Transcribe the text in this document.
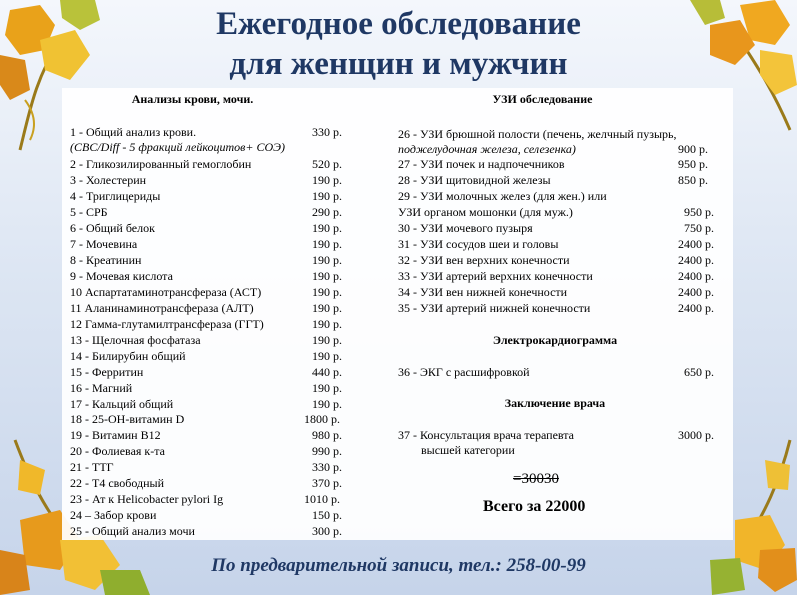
Ежегодное обследование
для женщин и мужчин
Анализы крови, мочи.	УЗИ обследование
1 - Общий анализ крови.	330 р.
(CBC/Diff - 5 фракций лейкоцитов+ СОЭ)
2 - Гликозилированный гемоглобин	520 р.
3 - Холестерин	190 р.
4 - Триглицериды	190 р.
5 - СРБ	290 р.
6 - Общий белок	190 р.
7 - Мочевина	190 р.
8 - Креатинин	190 р.
9 - Мочевая кислота	190 р.
10 Аспартатаминотрансфераза (АСТ)	190 р.
11 Аланинаминотрансфераза (АЛТ)	190 р.
12 Гамма-глутамилтрансфераза (ГГТ)	190 р.
13 - Щелочная фосфатаза	190 р.
14 - Билирубин общий	190 р.
15 - Ферритин	440 р.
16 - Магний	190 р.
17 - Кальций общий	190 р.
18 - 25-ОН-витамин D	1800 р.
19 - Витамин В12	980 р.
20 - Фолиевая к-та	990 р.
21 - ТТГ	330 р.
22 - Т4 свободный	370 р.
23 - Ат к Helicobacter pylori Ig	1010 р.
24 – Забор крови	150 р.
25 - Общий анализ мочи	300 р.
26 - УЗИ брюшной полости (печень, желчный пузырь,
поджелудочная железа, селезенка)	900 р.
27 - УЗИ почек и надпочечников	950 р.
28 - УЗИ щитовидной железы	850 р.
29 - УЗИ молочных желез (для жен.) или
УЗИ органом мошонки (для муж.)	950 р.
30 - УЗИ мочевого пузыря	750 р.
31 - УЗИ сосудов шеи и головы	2400 р.
32 - УЗИ вен верхних конечности	2400 р.
33 - УЗИ артерий верхних конечности	2400 р.
34 - УЗИ вен нижней конечности	2400 р.
35 - УЗИ артерий нижней конечности	2400 р.
Электрокардиограмма
36 - ЭКГ с расшифровкой	650 р.
Заключение врача
37 - Консультация врача терапевта	3000 р.
высшей категории
=30030
Всего за 22000
По предварительной записи, тел.: 258-00-99
